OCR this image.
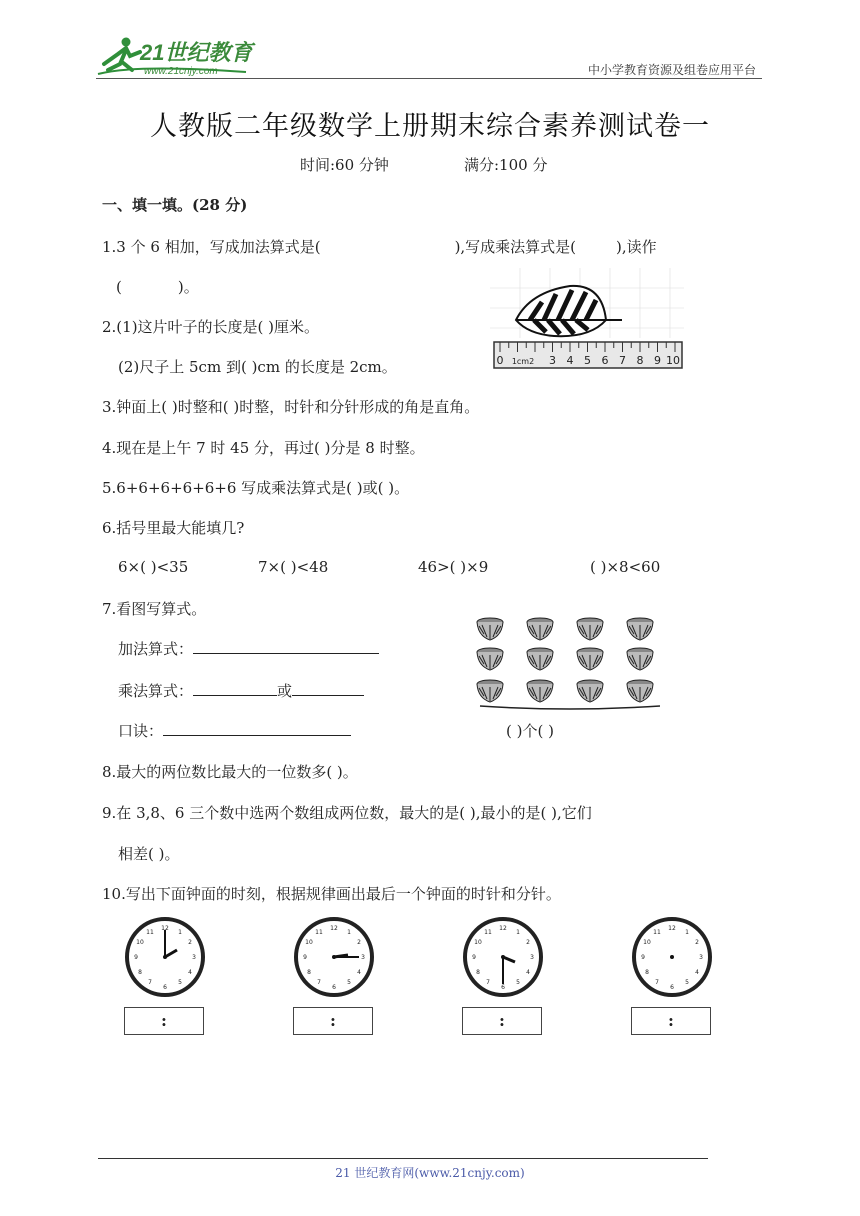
21世纪教育
www.21cnjy.com	中小学教育资源及组卷应用平台
人教版二年级数学上册期末综合素养测试卷一
时间:60 分钟	满分:100 分
一、填一填。(28 分)
1.3 个 6 相加，写成加法算式是(	),写成乘法算式是(	),读作
(	)。
0 1cm2 3 4 5 6 7 8 9 10
2.(1)这片叶子的长度是( )厘米。
(2)尺子上 5cm 到( )cm 的长度是 2cm。
3.钟面上( )时整和( )时整，时针和分针形成的角是直角。
4.现在是上午 7 时 45 分，再过( )分是 8 时整。
5.6+6+6+6+6+6 写成乘法算式是( )或( )。
6.括号里最大能填几?
6×( )<35	7×( )<48	46>( )×9	( )×8<60
7.看图写算式。
加法算式：
乘法算式：	或
口诀：	( )个( )
8.最大的两位数比最大的一位数多( )。
9.在 3,8、6 三个数中选两个数组成两位数，最大的是( ),最小的是( ),它们
相差( )。
10.写出下面钟面的时刻，根据规律画出最后一个钟面的时针和分针。
12
1
2
3
4
5
6
7
8
9
10
11
12
1
2
3
4
5
6
7
8
9
10
11
12
1
2
3
4
5
6
7
8
9
10
11
12
1
2
3
4
5
6
7
8
9
10
11
:	:	:	:
21 世纪教育网(www.21cnjy.com)
